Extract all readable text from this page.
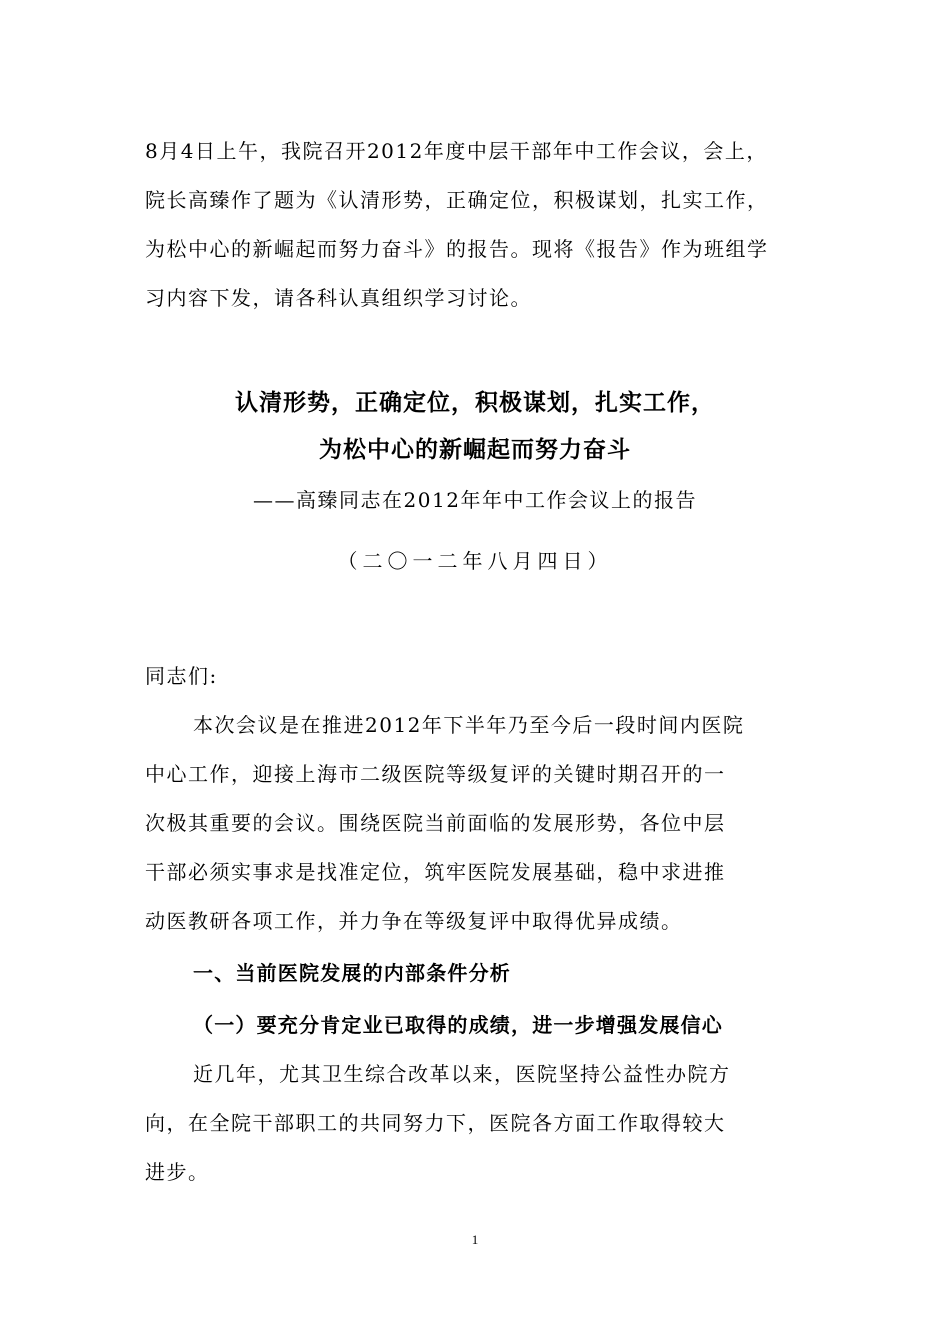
8月4日上午，我院召开2012年度中层干部年中工作会议，会上，
院长高臻作了题为《认清形势，正确定位，积极谋划，扎实工作，
为松中心的新崛起而努力奋斗》的报告。现将《报告》作为班组学
习内容下发，请各科认真组织学习讨论。
认清形势，正确定位，积极谋划，扎实工作，
为松中心的新崛起而努力奋斗
——高臻同志在2012年年中工作会议上的报告
（二〇一二年八月四日）
同志们:
本次会议是在推进2012年下半年乃至今后一段时间内医院
中心工作，迎接上海市二级医院等级复评的关键时期召开的一
次极其重要的会议。围绕医院当前面临的发展形势，各位中层
干部必须实事求是找准定位，筑牢医院发展基础，稳中求进推
动医教研各项工作，并力争在等级复评中取得优异成绩。
一、当前医院发展的内部条件分析
（一）要充分肯定业已取得的成绩，进一步增强发展信心
近几年，尤其卫生综合改革以来，医院坚持公益性办院方
向，在全院干部职工的共同努力下，医院各方面工作取得较大
进步。
1
